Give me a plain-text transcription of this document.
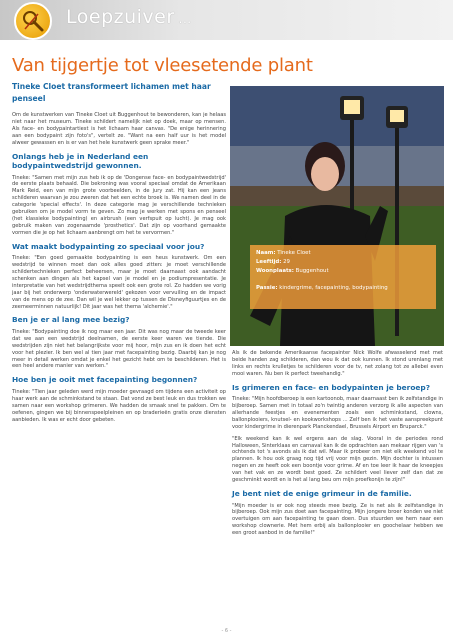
Loepzuiver ...
Van tijgertje tot vleesetende plant
Tineke Cloet transformeert lichamen met haar penseel

Om de kunstwerken van Tineke Cloet uit Buggenhout te bewonderen, kan je helaas niet naar het museum. Tineke schildert namelijk niet op doek, maar op mensen. Als face- en bodypaintartiest is het lichaam haar canvas. "De enige herinnering aan een bodypaint zijn foto's", vertelt ze. "Want na een half uur is het model alweer gewassen en is er van het hele kunstwerk geen sprake meer."

Onlangs heb je in Nederland een bodypaintwedstrijd gewonnen.

Tineke: "Samen met mijn zus heb ik op de 'Dongense face- en bodypaintwedstrijd' de eerste plaats behaald. Die bekroning was vooral speciaal omdat de Amerikaan Mark Reid, een van mijn grote voorbeelden, in de jury zat. Hij kan een jeans schilderen waarvan je zou zweren dat het een echte broek is. We namen deel in de categorie 'special effects'. In deze categorie mag je verschillende technieken gebruiken om je model vorm te geven. Zo mag je werken met spons en penseel (het klassieke bodypainting) en airbrush (een verfspuit op lucht). Je mag ook gebruik maken van zogenaamde 'prosthetics'. Dat zijn op voorhand gemaakte vormen die je op het lichaam aanbrengt om het te vervormen."

Wat maakt bodypainting zo speciaal voor jou?

Tineke: "Een goed gemaakte bodypainting is een heus kunstwerk. Om een wedstrijd te winnen moet dan ook alles goed zitten: je moet verschillende schildertechnieken perfect beheersen, maar je moet daarnaast ook aandacht schenken aan dingen als het kapsel van je model en je podiumpresentatie. Je interpretatie van het wedstrijdthema speelt ook een grote rol. Zo hadden we vorig jaar bij het onderwerp 'onderwaterwereld' gekozen voor vervuiling en de impact van de mens op de zee. Dan wil je wel lekker op tussen de Disneyfiguurtjes en de zeemeerminnen natuurlijk! Dit jaar was het thema 'alchemie'."

Ben je er al lang mee bezig?

Tineke: "Bodypainting doe ik nog maar een jaar. Dit was nog maar de tweede keer dat we aan een wedstrijd deelnamen, de eerste keer waren we tiende. Die wedstrijden zijn niet het belangrijkste voor mij hoor, mijn zus en ik doen het echt voor het plezier. Ik ben wel al tien jaar met facepainting bezig. Daarbij kan je nog meer in detail werken omdat je enkel het gezicht hebt om te beschilderen. Het is een heel andere manier van werken."

Hoe ben je ooit met facepainting begonnen?

Tineke: "Tien jaar geleden werd mijn moeder gevraagd om tijdens een activiteit op haar werk aan de schminkstand te staan. Dat vond ze best leuk en dus trokken we samen naar een workshop grimeren. We hadden de smaak snel te pakken. Om te oefenen, gingen we bij binnenspeelpleinen en op braderieën gratis onze diensten aanbieden. Ik was er echt door gebeten.

Naam: Tineke Cloet
Leeftijd: 29
Woonplaats: Buggenhout
Passie: kindergrime, facepainting, bodypainting

Als ik de bekende Amerikaanse facepainter Nick Wolfe afwasselend met met beide handen zag schilderen, dan wou ik dat ook kunnen. Ik stond urenlang met links en rechts krulletjes te schilderen voor de tv, net zolang tot ze allebei even mooi waren. Nu ben ik perfect tweehandig."

Is grimeren en face- en bodypainten je beroep?

Tineke: "Mijn hoofdberoep is een kartoonob, maar daarnaast ben ik zelfstandige in bijberoep. Samen met in totaal zo'n twintig anderen verzorg ik alle aspecten van allerhande feestjes en evenementen zoals een schminkstand, clowns, ballonplooiers, knutsel- en kookworkshops ... Zelf ben ik het vaste aanspreekpunt voor kindergrime in dierenpark Planckendael, Brussels Airport en Bruparck."

"Elk weekend kan ik wel ergens aan de slag. Vooral in de periodes rond Halloween, Sinterklaas en carnaval kan ik de opdrachten aan mekaar rijgen van 's ochtends tot 's avonds als ik dat wil. Maar ik probeer om niet elk weekend vol te plannen. Ik hou ook graag nog tijd vrij voor mijn gezin. Mijn dochter is intussen negen en ze heeft ook een boontje voor grime. Af en toe leer ik haar de kneepjes van het vak en ze wordt best goed. Ze schildert veel liever zelf dan dat ze geschminkt wordt en is het al lang beu om mijn proefkonijn te zijn!"

Je bent niet de enige grimeur in de familie.

"Mijn moeder is er ook nog steeds mee bezig. Ze is net als ik zelfstandige in bijberoep. Ook mijn zus doet aan facepainting. Mijn jongere broer konden we niet overtuigen om aan facepainting te gaan doen. Dus stuurden we hem naar een workshop clownerie. Met hem erbij als ballonplooier en goochelaar hebben we een groot aanbod in de familie!"

- 6 -
